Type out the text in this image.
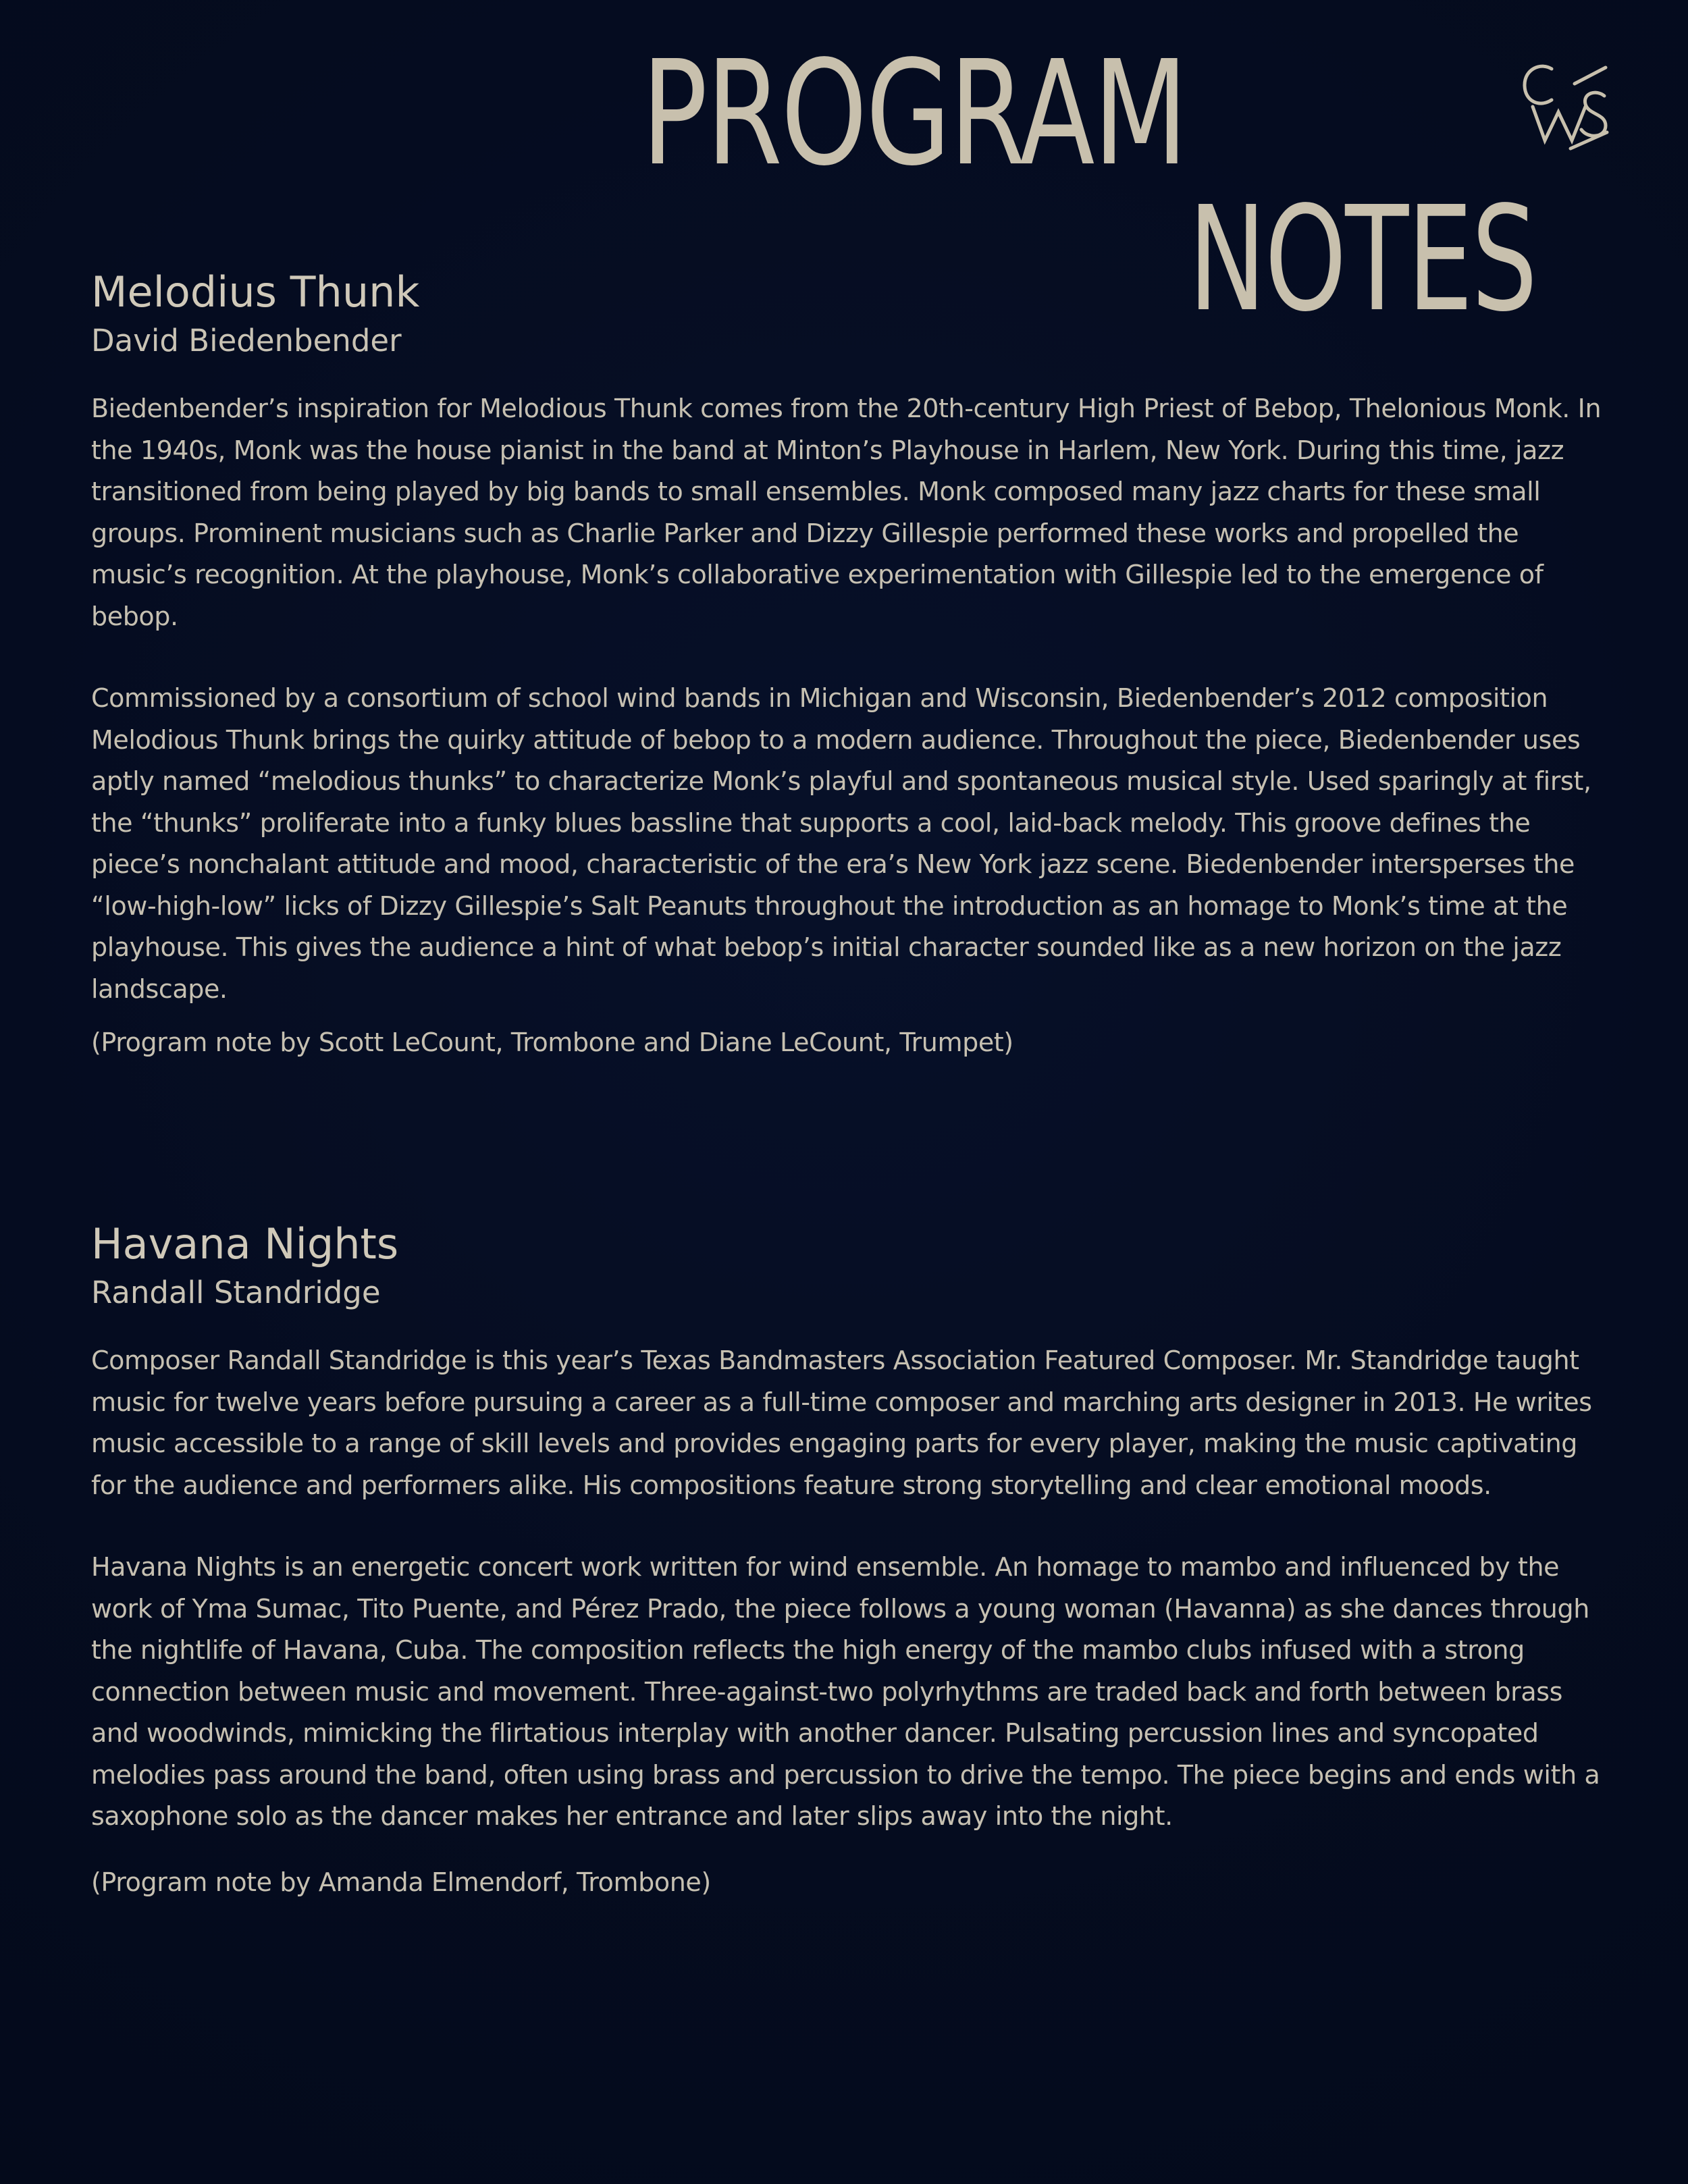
PROGRAM
NOTES
Melodius Thunk
David Biedenbender

Biedenbender’s inspiration for Melodious Thunk comes from the 20th-century High Priest of Bebop, Thelonious Monk. In the 1940s, Monk was the house pianist in the band at Minton’s Playhouse in Harlem, New York. During this time, jazz transitioned from being played by big bands to small ensembles. Monk composed many jazz charts for these small groups. Prominent musicians such as Charlie Parker and Dizzy Gillespie performed these works and propelled the music’s recognition. At the playhouse, Monk’s collaborative experimentation with Gillespie led to the emergence of bebop.

Commissioned by a consortium of school wind bands in Michigan and Wisconsin, Biedenbender’s 2012 composition Melodious Thunk brings the quirky attitude of bebop to a modern audience. Throughout the piece, Biedenbender uses aptly named “melodious thunks” to characterize Monk’s playful and spontaneous musical style. Used sparingly at first, the “thunks” proliferate into a funky blues bassline that supports a cool, laid-back melody. This groove defines the piece’s nonchalant attitude and mood, characteristic of the era’s New York jazz scene. Biedenbender intersperses the “low-high-low” licks of Dizzy Gillespie’s Salt Peanuts throughout the introduction as an homage to Monk’s time at the playhouse. This gives the audience a hint of what bebop’s initial character sounded like as a new horizon on the jazz landscape.

(Program note by Scott LeCount, Trombone and Diane LeCount, Trumpet)

Havana Nights
Randall Standridge

Composer Randall Standridge is this year’s Texas Bandmasters Association Featured Composer. Mr. Standridge taught music for twelve years before pursuing a career as a full-time composer and marching arts designer in 2013. He writes music accessible to a range of skill levels and provides engaging parts for every player, making the music captivating for the audience and performers alike. His compositions feature strong storytelling and clear emotional moods.

Havana Nights is an energetic concert work written for wind ensemble. An homage to mambo and influenced by the work of Yma Sumac, Tito Puente, and Pérez Prado, the piece follows a young woman (Havanna) as she dances through the nightlife of Havana, Cuba. The composition reflects the high energy of the mambo clubs infused with a strong connection between music and movement. Three-against-two polyrhythms are traded back and forth between brass and woodwinds, mimicking the flirtatious interplay with another dancer. Pulsating percussion lines and syncopated melodies pass around the band, often using brass and percussion to drive the tempo. The piece begins and ends with a saxophone solo as the dancer makes her entrance and later slips away into the night.

(Program note by Amanda Elmendorf, Trombone)
